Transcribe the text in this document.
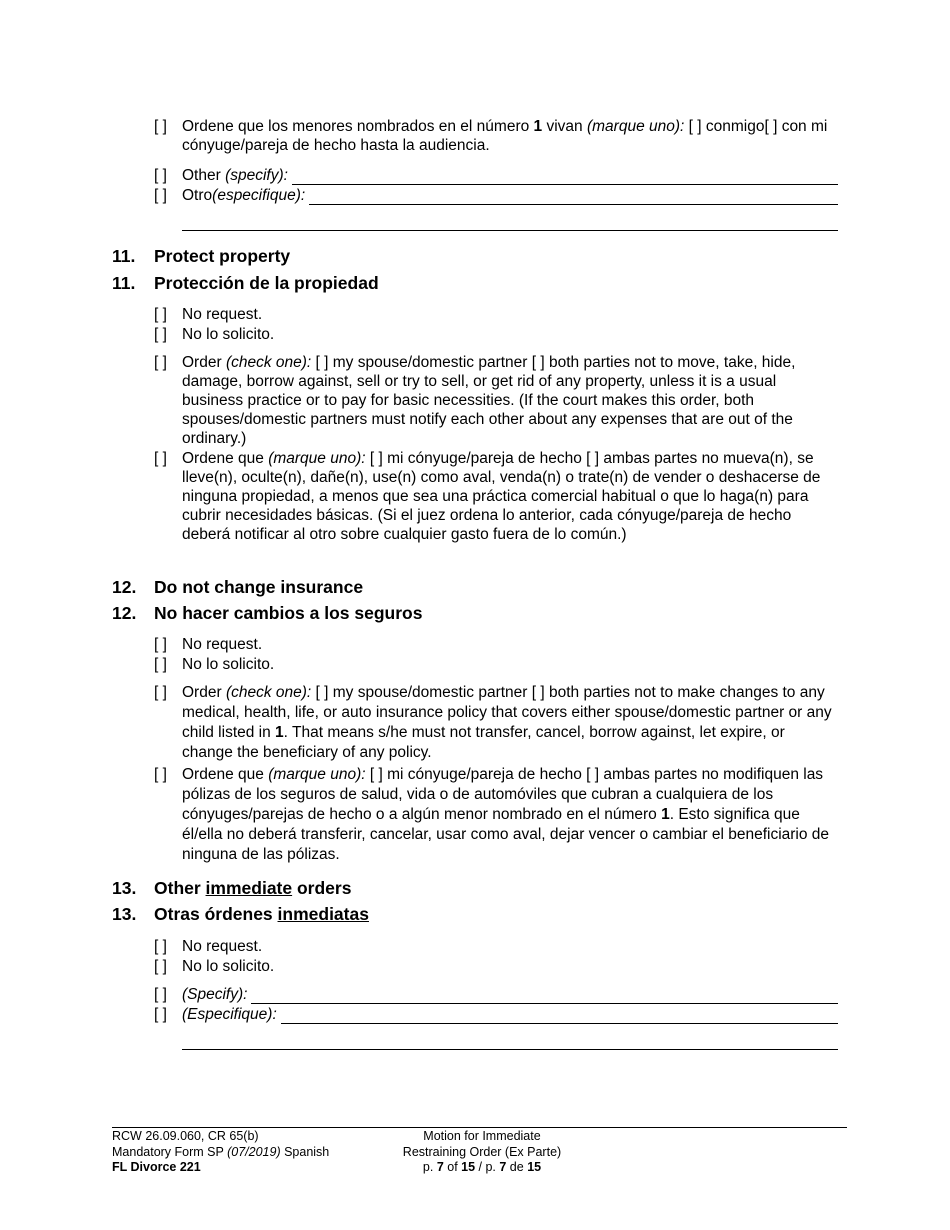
[ ] Ordene que los menores nombrados en el número 1 vivan (marque uno): [ ] conmigo[ ] con mi cónyuge/pareja de hecho hasta la audiencia.

[ ] Other (specify):
[ ] Otro(especifique):
11. Protect property
11. Protección de la propiedad
[ ] No request.

[ ] No lo solicito.

[ ] Order (check one): [ ] my spouse/domestic partner [ ] both parties not to move, take, hide, damage, borrow against, sell or try to sell, or get rid of any property, unless it is a usual business practice or to pay for basic necessities. (If the court makes this order, both spouses/domestic partners must notify each other about any expenses that are out of the ordinary.)

[ ] Ordene que (marque uno): [ ] mi cónyuge/pareja de hecho [ ] ambas partes no mueva(n), se lleve(n), oculte(n), dañe(n), use(n) como aval, venda(n) o trate(n) de vender o deshacerse de ninguna propiedad, a menos que sea una práctica comercial habitual o que lo haga(n) para cubrir necesidades básicas. (Si el juez ordena lo anterior, cada cónyuge/pareja de hecho deberá notificar al otro sobre cualquier gasto fuera de lo común.)

12. Do not change insurance
12. No hacer cambios a los seguros
[ ] No request.

[ ] No lo solicito.

[ ] Order (check one): [ ] my spouse/domestic partner [ ] both parties not to make changes to any medical, health, life, or auto insurance policy that covers either spouse/domestic partner or any child listed in 1. That means s/he must not transfer, cancel, borrow against, let expire, or change the beneficiary of any policy.

[ ] Ordene que (marque uno): [ ] mi cónyuge/pareja de hecho [ ] ambas partes no modifiquen las pólizas de los seguros de salud, vida o de automóviles que cubran a cualquiera de los cónyuges/parejas de hecho o a algún menor nombrado en el número 1. Esto significa que él/ella no deberá transferir, cancelar, usar como aval, dejar vencer o cambiar el beneficiario de ninguna de las pólizas.

13. Other immediate orders
13. Otras órdenes inmediatas
[ ] No request.

[ ] No lo solicito.

[ ] (Specify):
[ ] (Especifique):
RCW 26.09.060, CR 65(b)
Mandatory Form SP (07/2019) Spanish
FL Divorce 221
Motion for Immediate
Restraining Order (Ex Parte)
p. 7 of 15 / p. 7 de 15
